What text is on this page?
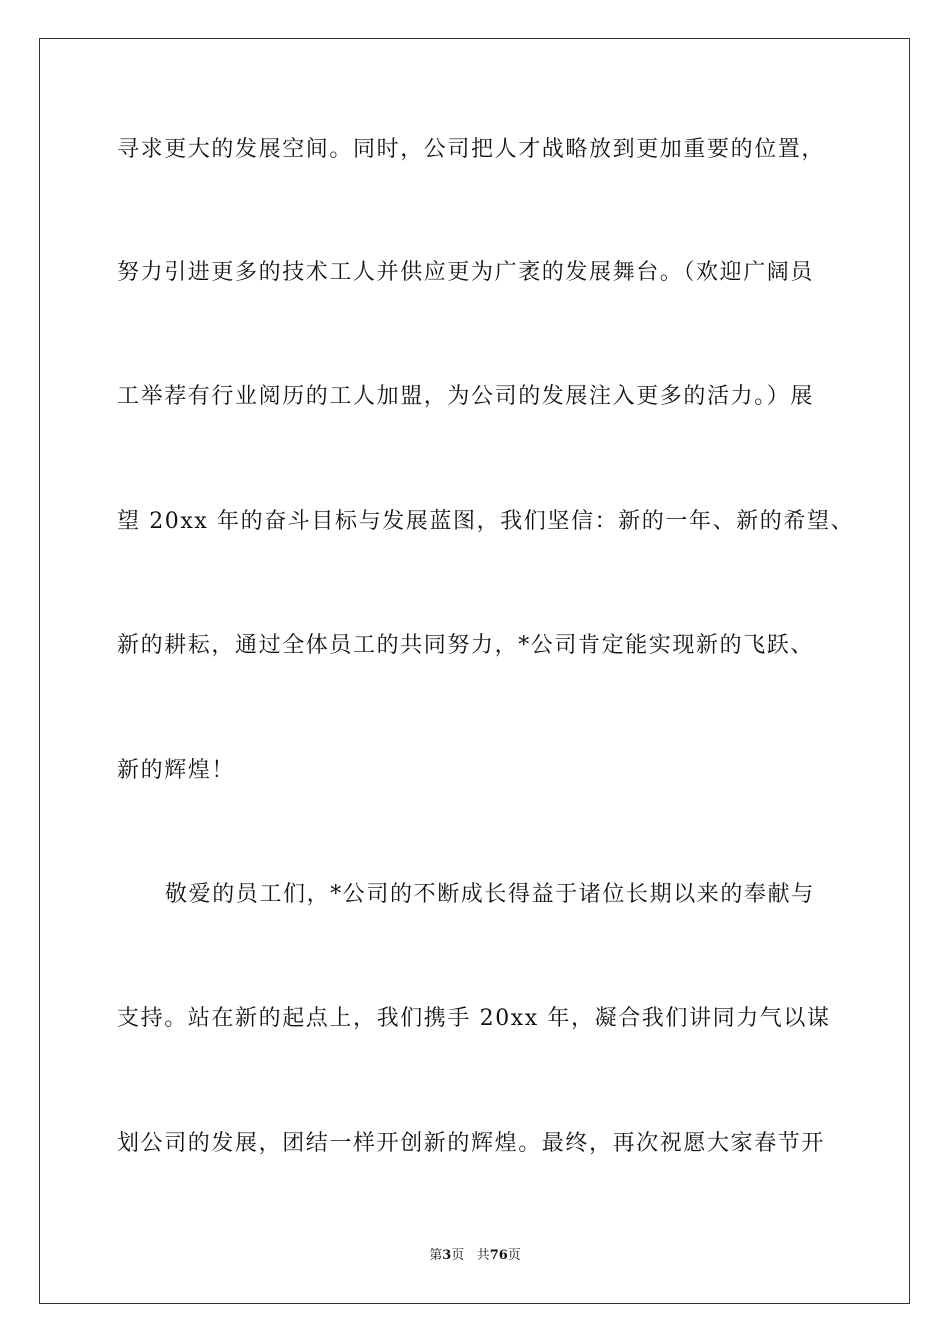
寻求更大的发展空间。同时，公司把人才战略放到更加重要的位置，
努力引进更多的技术工人并供应更为广袤的发展舞台。（欢迎广阔员
工举荐有行业阅历的工人加盟，为公司的发展注入更多的活力。）展
望 20xx 年的奋斗目标与发展蓝图，我们坚信：新的一年、新的希望、
新的耕耘，通过全体员工的共同努力，*公司肯定能实现新的飞跃、
新的辉煌！
敬爱的员工们，*公司的不断成长得益于诸位长期以来的奉献与
支持。站在新的起点上，我们携手 20xx 年，凝合我们讲同力气以谋
划公司的发展，团结一样开创新的辉煌。最终，再次祝愿大家春节开
第3页 共76页
